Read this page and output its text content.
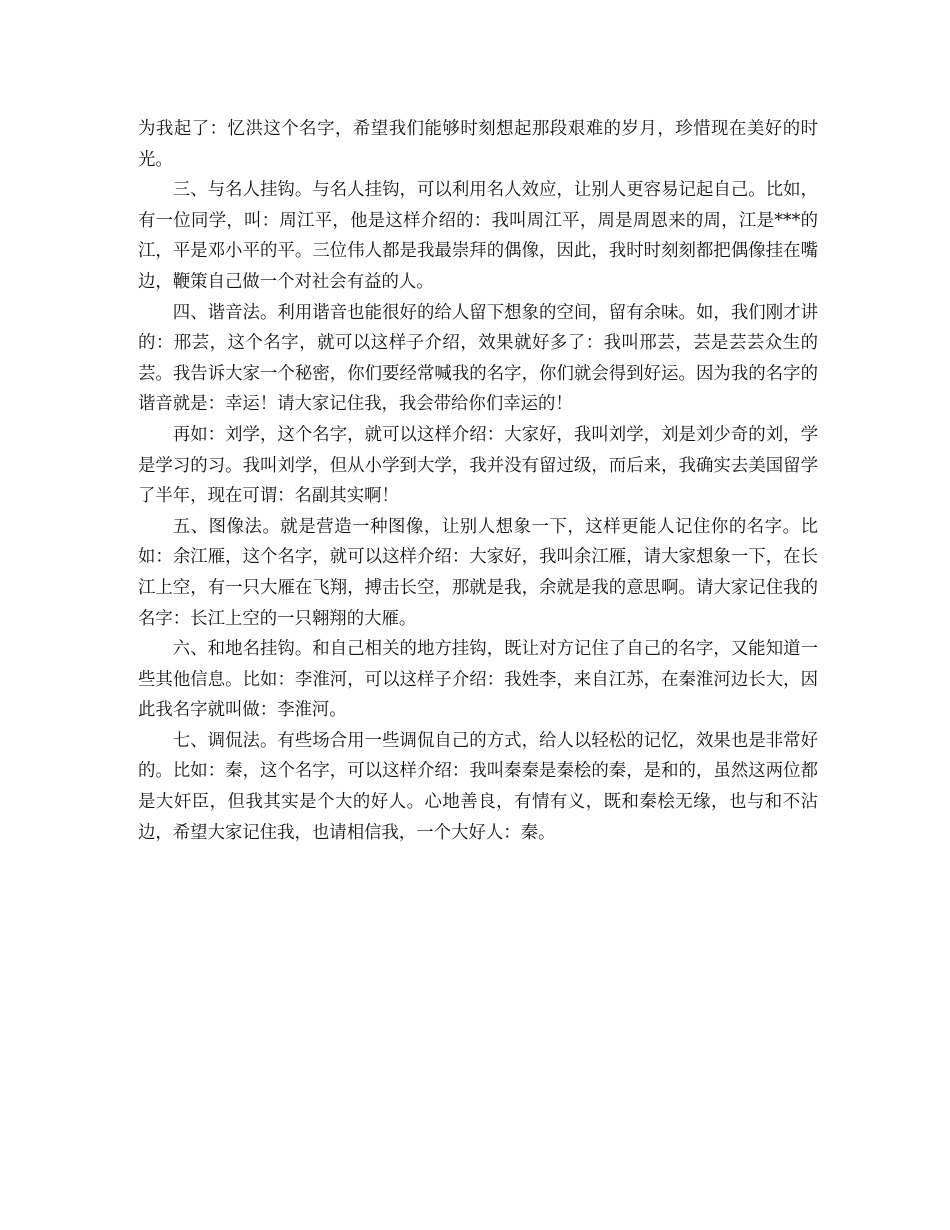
为我起了：忆洪这个名字，希望我们能够时刻想起那段艰难的岁月，珍惜现在美好的时光。

三、与名人挂钩。与名人挂钩，可以利用名人效应，让别人更容易记起自己。比如，有一位同学，叫：周江平，他是这样介绍的：我叫周江平，周是周恩来的周，江是***的江，平是邓小平的平。三位伟人都是我最崇拜的偶像，因此，我时时刻刻都把偶像挂在嘴边，鞭策自己做一个对社会有益的人。

四、谐音法。利用谐音也能很好的给人留下想象的空间，留有余味。如，我们刚才讲的：邢芸，这个名字，就可以这样子介绍，效果就好多了：我叫邢芸，芸是芸芸众生的芸。我告诉大家一个秘密，你们要经常喊我的名字，你们就会得到好运。因为我的名字的谐音就是：幸运！请大家记住我，我会带给你们幸运的！

再如：刘学，这个名字，就可以这样介绍：大家好，我叫刘学，刘是刘少奇的刘，学是学习的习。我叫刘学，但从小学到大学，我并没有留过级，而后来，我确实去美国留学了半年，现在可谓：名副其实啊！

五、图像法。就是营造一种图像，让别人想象一下，这样更能人记住你的名字。比如：余江雁，这个名字，就可以这样介绍：大家好，我叫余江雁，请大家想象一下，在长江上空，有一只大雁在飞翔，搏击长空，那就是我，余就是我的意思啊。请大家记住我的名字：长江上空的一只翱翔的大雁。

六、和地名挂钩。和自己相关的地方挂钩，既让对方记住了自己的名字，又能知道一些其他信息。比如：李淮河，可以这样子介绍：我姓李，来自江苏，在秦淮河边长大，因此我名字就叫做：李淮河。

七、调侃法。有些场合用一些调侃自己的方式，给人以轻松的记忆，效果也是非常好的。比如：秦，这个名字，可以这样介绍：我叫秦秦是秦桧的秦，是和的，虽然这两位都是大奸臣，但我其实是个大的好人。心地善良，有情有义，既和秦桧无缘，也与和不沾边，希望大家记住我，也请相信我，一个大好人：秦。
